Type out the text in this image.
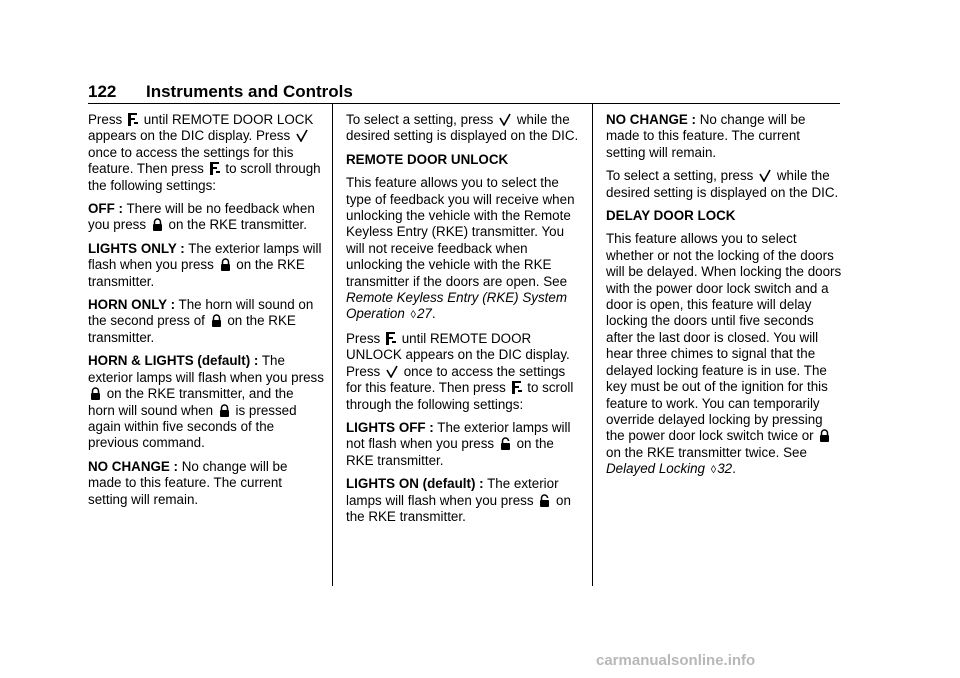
122 Instruments and Controls

Press until REMOTE DOOR LOCK appears on the DIC display. Press
once to access the settings for this feature. Then press to scroll through the following settings:

OFF : There will be no feedback when you press on the RKE transmitter.

LIGHTS ONLY : The exterior lamps will flash when you press on the RKE transmitter.

HORN ONLY : The horn will sound on the second press of on the RKE transmitter.

HORN & LIGHTS (default) : The exterior lamps will flash when you press
on the RKE transmitter, and the horn will sound when is pressed again within five seconds of the previous command.

NO CHANGE : No change will be made to this feature. The current setting will remain.

To select a setting, press while the desired setting is displayed on the DIC.

REMOTE DOOR UNLOCK

This feature allows you to select the type of feedback you will receive when unlocking the vehicle with the Remote Keyless Entry (RKE) transmitter. You will not receive feedback when unlocking the vehicle with the RKE transmitter if the doors are open. See Remote Keyless Entry (RKE) System Operation ◊27.

Press until REMOTE DOOR UNLOCK appears on the DIC display. Press once to access the settings for this feature. Then press to scroll through the following settings:

LIGHTS OFF : The exterior lamps will not flash when you press on the RKE transmitter.

LIGHTS ON (default) : The exterior lamps will flash when you press on the RKE transmitter.

NO CHANGE : No change will be made to this feature. The current setting will remain.

To select a setting, press while the desired setting is displayed on the DIC.

DELAY DOOR LOCK

This feature allows you to select whether or not the locking of the doors will be delayed. When locking the doors with the power door lock switch and a door is open, this feature will delay locking the doors until five seconds after the last door is closed. You will hear three chimes to signal that the delayed locking feature is in use. The key must be out of the ignition for this feature to work. You can temporarily override delayed locking by pressing the power door lock switch twice or
on the RKE transmitter twice. See Delayed Locking ◊32.

carmanualsonline.info
